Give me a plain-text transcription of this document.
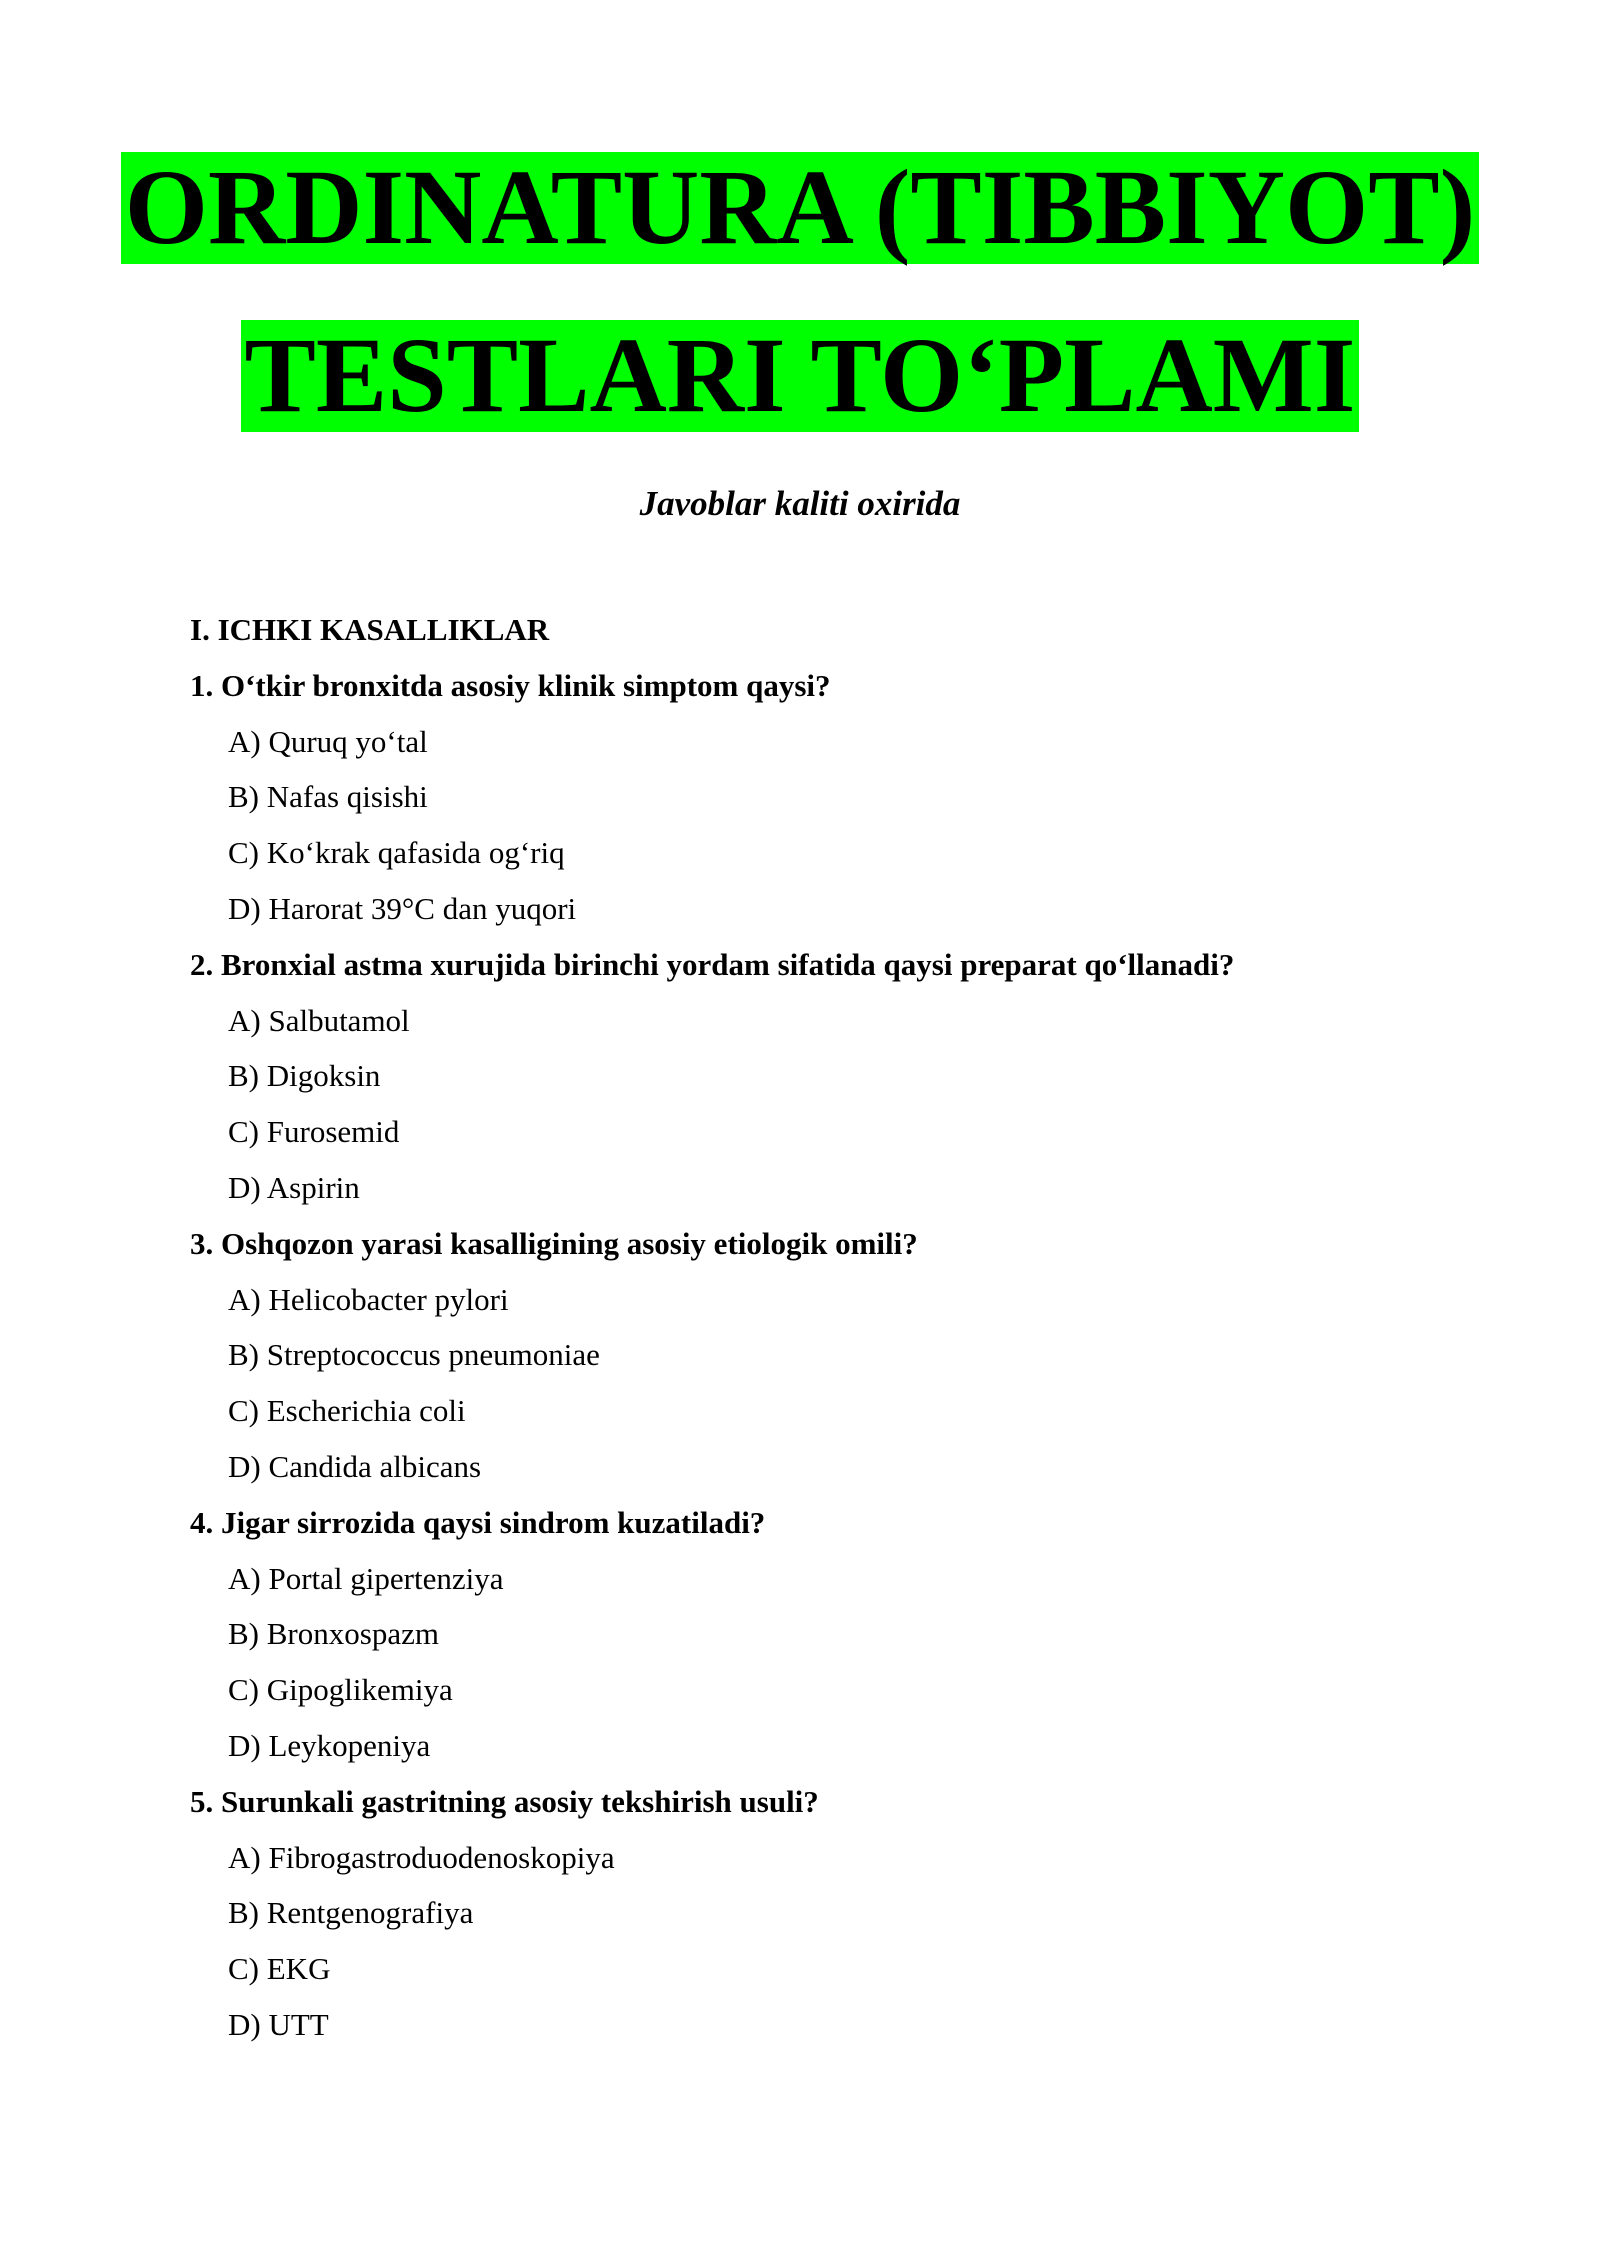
ORDINATURA (TIBBIYOT)
TESTLARI TO‘PLAMI
Javoblar kaliti oxirida
I. ICHKI KASALLIKLAR
1. O‘tkir bronxitda asosiy klinik simptom qaysi?
A) Quruq yo‘tal
B) Nafas qisishi
C) Ko‘krak qafasida og‘riq
D) Harorat 39°C dan yuqori
2. Bronxial astma xurujida birinchi yordam sifatida qaysi preparat qo‘llanadi?
A) Salbutamol
B) Digoksin
C) Furosemid
D) Aspirin
3. Oshqozon yarasi kasalligining asosiy etiologik omili?
A) Helicobacter pylori
B) Streptococcus pneumoniae
C) Escherichia coli
D) Candida albicans
4. Jigar sirrozida qaysi sindrom kuzatiladi?
A) Portal gipertenziya
B) Bronxospazm
C) Gipoglikemiya
D) Leykopeniya
5. Surunkali gastritning asosiy tekshirish usuli?
A) Fibrogastroduodenoskopiya
B) Rentgenografiya
C) EKG
D) UTT
